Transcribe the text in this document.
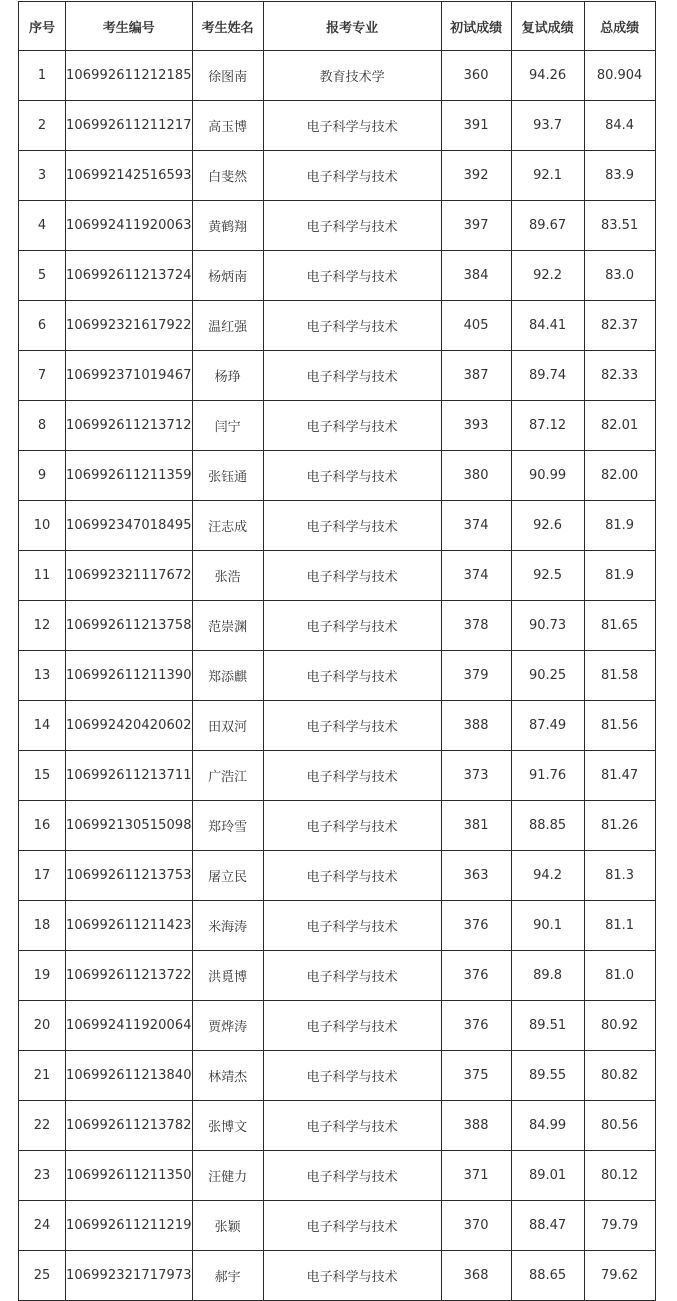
序号	考生编号	考生姓名	报考专业	初试成绩	复试成绩	总成绩
1	106992611212185	徐图南	教育技术学	360	94.26	80.904
2	106992611211217	高玉博	电子科学与技术	391	93.7	84.4
3	106992142516593	白斐然	电子科学与技术	392	92.1	83.9
4	106992411920063	黄鹤翔	电子科学与技术	397	89.67	83.51
5	106992611213724	杨炳南	电子科学与技术	384	92.2	83.0
6	106992321617922	温红强	电子科学与技术	405	84.41	82.37
7	106992371019467	杨琤	电子科学与技术	387	89.74	82.33
8	106992611213712	闫宁	电子科学与技术	393	87.12	82.01
9	106992611211359	张钰通	电子科学与技术	380	90.99	82.00
10	106992347018495	汪志成	电子科学与技术	374	92.6	81.9
11	106992321117672	张浩	电子科学与技术	374	92.5	81.9
12	106992611213758	范崇渊	电子科学与技术	378	90.73	81.65
13	106992611211390	郑添麒	电子科学与技术	379	90.25	81.58
14	106992420420602	田双河	电子科学与技术	388	87.49	81.56
15	106992611213711	广浩江	电子科学与技术	373	91.76	81.47
16	106992130515098	郑玲雪	电子科学与技术	381	88.85	81.26
17	106992611213753	屠立民	电子科学与技术	363	94.2	81.3
18	106992611211423	米海涛	电子科学与技术	376	90.1	81.1
19	106992611213722	洪覓博	电子科学与技术	376	89.8	81.0
20	106992411920064	贾烨涛	电子科学与技术	376	89.51	80.92
21	106992611213840	林靖杰	电子科学与技术	375	89.55	80.82
22	106992611213782	张博文	电子科学与技术	388	84.99	80.56
23	106992611211350	汪健力	电子科学与技术	371	89.01	80.12
24	106992611211219	张颖	电子科学与技术	370	88.47	79.79
25	106992321717973	郝宇	电子科学与技术	368	88.65	79.62
